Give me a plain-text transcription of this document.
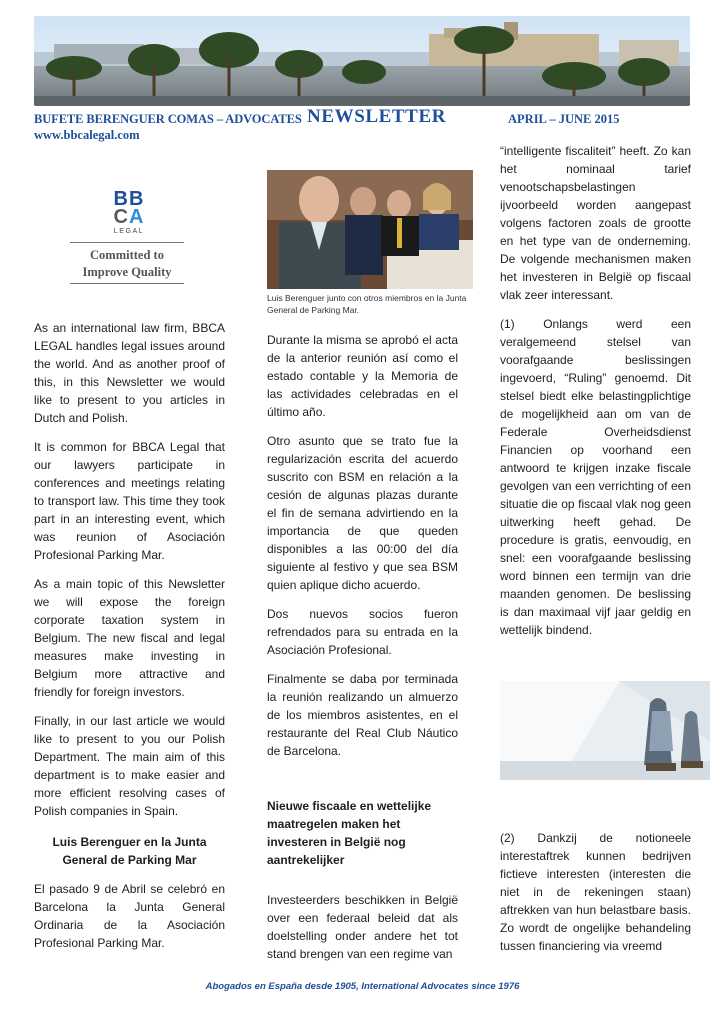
BUFETE BERENGUER COMAS – ADVOCATES
www.bbcalegal.com
NEWSLETTER	APRIL – JUNE 2015
BB
CA
LEGAL
Committed to
Improve Quality

As an international law firm, BBCA LEGAL handles legal issues around the world. And as another proof of this, in this Newsletter we would like to present to you articles in Dutch and Polish.

It is common for BBCA Legal that our lawyers participate in conferences and meetings relating to transport law. This time they took part in an interesting event, which was reunion of Asociación Profesional Parking Mar.

As a main topic of this Newsletter we will expose the foreign corporate taxation system in Belgium. The new fiscal and legal measures make investing in Belgium more attractive and friendly for foreign investors.

Finally, in our last article we would like to present to you our Polish Department. The main aim of this department is to make easier and more efficient resolving cases of Polish companies in Spain.

Luis Berenguer en la Junta General de Parking Mar
El pasado 9 de Abril se celebró en Barcelona la Junta General Ordinaria de la Asociación Profesional Parking Mar.
Luis Berenguer junto con otros miembros en la Junta General de Parking Mar.

Durante la misma se aprobó el acta de la anterior reunión así como el estado contable y la Memoria de las actividades celebradas en el último año.

Otro asunto que se trato fue la regularización escrita del acuerdo suscrito con BSM en relación a la cesión de algunas plazas durante el fin de semana advirtiendo en la importancia de que queden disponibles a las 00:00 del día siguiente al festivo y que sea BSM quien aplique dicho acuerdo.

Dos nuevos socios fueron refrendados para su entrada en la Asociación Profesional.

Finalmente se daba por terminada la reunión realizando un almuerzo de los miembros asistentes, en el restaurante del Real Club Náutico de Barcelona.

Nieuwe fiscaale en wettelijke maatregelen maken het investeren in België nog aantrekelijker
Investeerders beschikken in België over een federaal beleid dat als doelstelling onder andere het tot stand brengen van een regime van

“intelligente fiscaliteit” heeft. Zo kan het nominaal tarief venootschapsbelastingen ijvoorbeeld worden aangepast volgens factoren zoals de grootte en het type van de onderneming. De volgende mechanismen maken het investeren in België op fiscaal vlak zeer interessant.

(1) Onlangs werd een veralgemeend stelsel van voorafgaande beslissingen ingevoerd, “Ruling” genoemd. Dit stelsel biedt elke belastingplichtige de mogelijkheid aan om van de Federale Overheidsdienst Financien op voorhand een antwoord te krijgen inzake fiscale gevolgen van een verrichting of een situatie die op fiscaal vlak nog geen uitwerking heeft gehad. De procedure is gratis, eenvoudig, en snel: een voorafgaande beslissing word binnen een termijn van drie maanden genomen. De beslissing is dan maximaal vijf jaar geldig en wettelijk bindend.

(2) Dankzij de notioneele interestaftrek kunnen bedrijven fictieve interesten (interesten die niet in de rekeningen staan) aftrekken van hun belastbare basis. Zo wordt de ongelijke behandeling tussen financiering via vreemd

Abogados en España desde 1905, International Advocates since 1976
